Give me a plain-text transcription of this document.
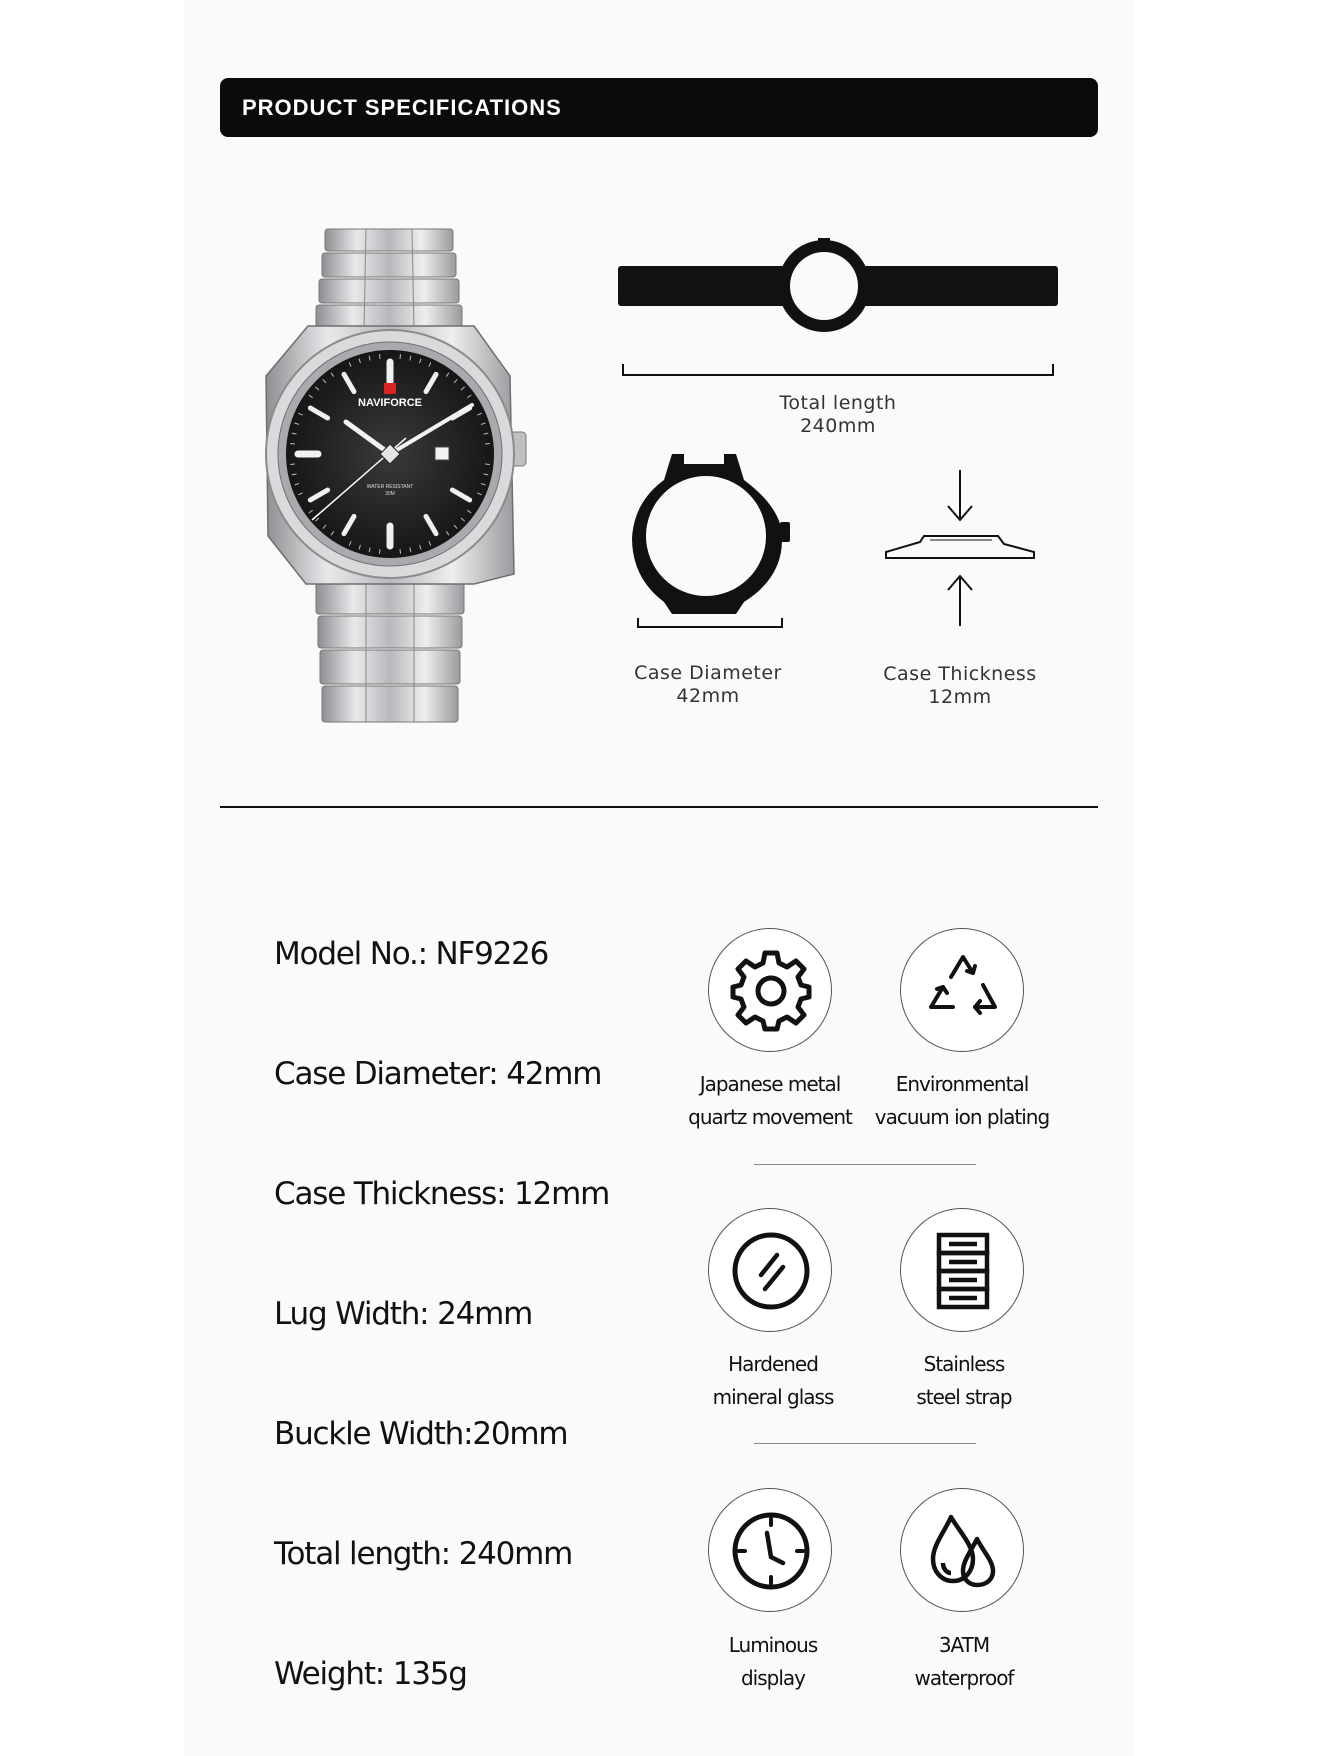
PRODUCT SPECIFICATIONS
NAVIFORCE
WATER RESISTANT
30M
Total length
240mm
Case Diameter
42mm
Case Thickness
12mm
Model No.: NF9226
Case Diameter: 42mm
Case Thickness: 12mm
Lug Width: 24mm
Buckle Width:20mm
Total length: 240mm
Weight: 135g
Japanese metal
quartz movement
Environmental
vacuum ion plating
Hardened
mineral glass
Stainless
steel strap
Luminous
display
3ATM
waterproof
